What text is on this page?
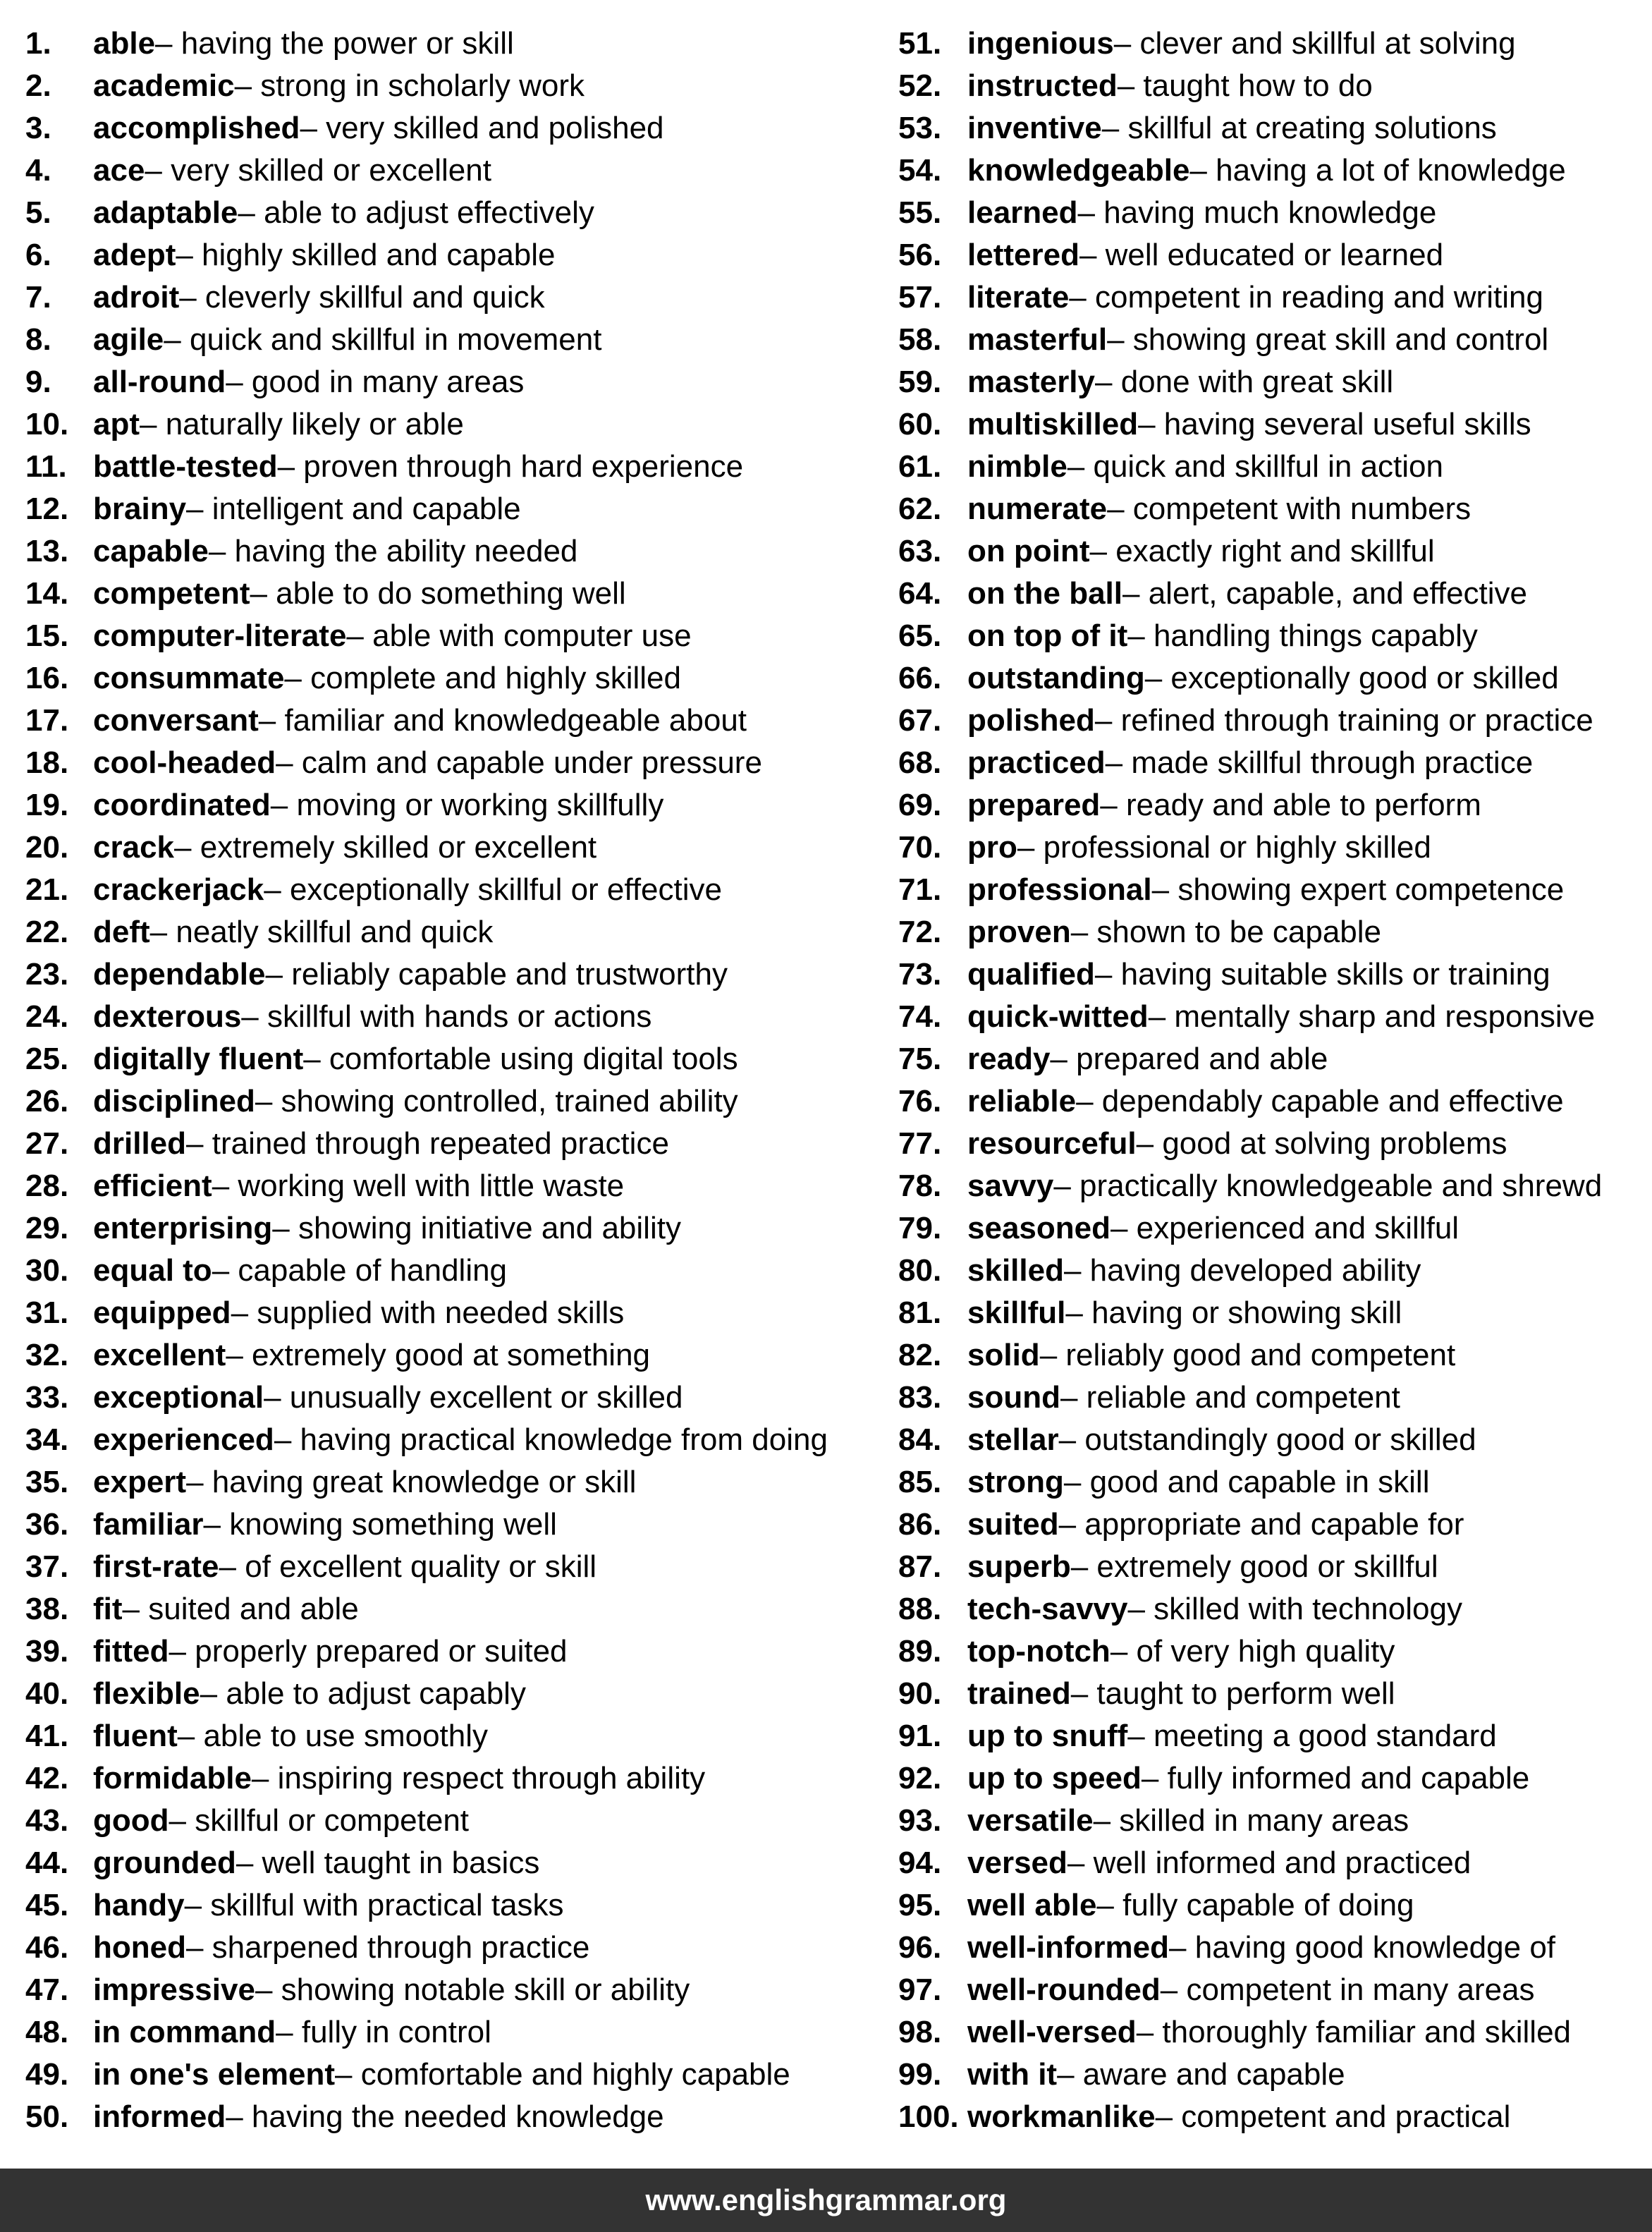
1.	able – having the power or skill
2.	academic – strong in scholarly work
3.	accomplished – very skilled and polished
4.	ace – very skilled or excellent
5.	adaptable – able to adjust effectively
6.	adept – highly skilled and capable
7.	adroit – cleverly skillful and quick
8.	agile – quick and skillful in movement
9.	all-round – good in many areas
10. apt – naturally likely or able
11. battle-tested – proven through hard experience
12. brainy – intelligent and capable
13. capable – having the ability needed
14. competent – able to do something well
15. computer-literate – able with computer use
16. consummate – complete and highly skilled
17. conversant – familiar and knowledgeable about
18. cool-headed – calm and capable under pressure
19. coordinated – moving or working skillfully
20. crack – extremely skilled or excellent
21. crackerjack – exceptionally skillful or effective
22. deft – neatly skillful and quick
23. dependable – reliably capable and trustworthy
24. dexterous – skillful with hands or actions
25. digitally fluent – comfortable using digital tools
26. disciplined – showing controlled, trained ability
27. drilled – trained through repeated practice
28. efficient – working well with little waste
29. enterprising – showing initiative and ability
30. equal to – capable of handling
31. equipped – supplied with needed skills
32. excellent – extremely good at something
33. exceptional – unusually excellent or skilled
34. experienced – having practical knowledge from doing
35. expert – having great knowledge or skill
36. familiar – knowing something well
37. first-rate – of excellent quality or skill
38. fit – suited and able
39. fitted – properly prepared or suited
40. flexible – able to adjust capably
41. fluent – able to use smoothly
42. formidable – inspiring respect through ability
43. good – skillful or competent
44. grounded – well taught in basics
45. handy – skillful with practical tasks
46. honed – sharpened through practice
47. impressive – showing notable skill or ability
48. in command – fully in control
49. in one's element – comfortable and highly capable
50. informed – having the needed knowledge
51. ingenious – clever and skillful at solving
52. instructed – taught how to do
53. inventive – skillful at creating solutions
54. knowledgeable – having a lot of knowledge
55. learned – having much knowledge
56. lettered – well educated or learned
57. literate – competent in reading and writing
58. masterful – showing great skill and control
59. masterly – done with great skill
60. multiskilled – having several useful skills
61. nimble – quick and skillful in action
62. numerate – competent with numbers
63. on point – exactly right and skillful
64. on the ball – alert, capable, and effective
65. on top of it – handling things capably
66. outstanding – exceptionally good or skilled
67. polished – refined through training or practice
68. practiced – made skillful through practice
69. prepared – ready and able to perform
70. pro – professional or highly skilled
71. professional – showing expert competence
72. proven – shown to be capable
73. qualified – having suitable skills or training
74. quick-witted – mentally sharp and responsive
75. ready – prepared and able
76. reliable – dependably capable and effective
77. resourceful – good at solving problems
78. savvy – practically knowledgeable and shrewd
79. seasoned – experienced and skillful
80. skilled – having developed ability
81. skillful – having or showing skill
82. solid – reliably good and competent
83. sound – reliable and competent
84. stellar – outstandingly good or skilled
85. strong – good and capable in skill
86. suited – appropriate and capable for
87. superb – extremely good or skillful
88. tech-savvy – skilled with technology
89. top-notch – of very high quality
90. trained – taught to perform well
91. up to snuff – meeting a good standard
92. up to speed – fully informed and capable
93. versatile – skilled in many areas
94. versed – well informed and practiced
95. well able – fully capable of doing
96. well-informed – having good knowledge of
97. well-rounded – competent in many areas
98. well-versed – thoroughly familiar and skilled
99. with it – aware and capable
100. workmanlike – competent and practical
www.englishgrammar.org
